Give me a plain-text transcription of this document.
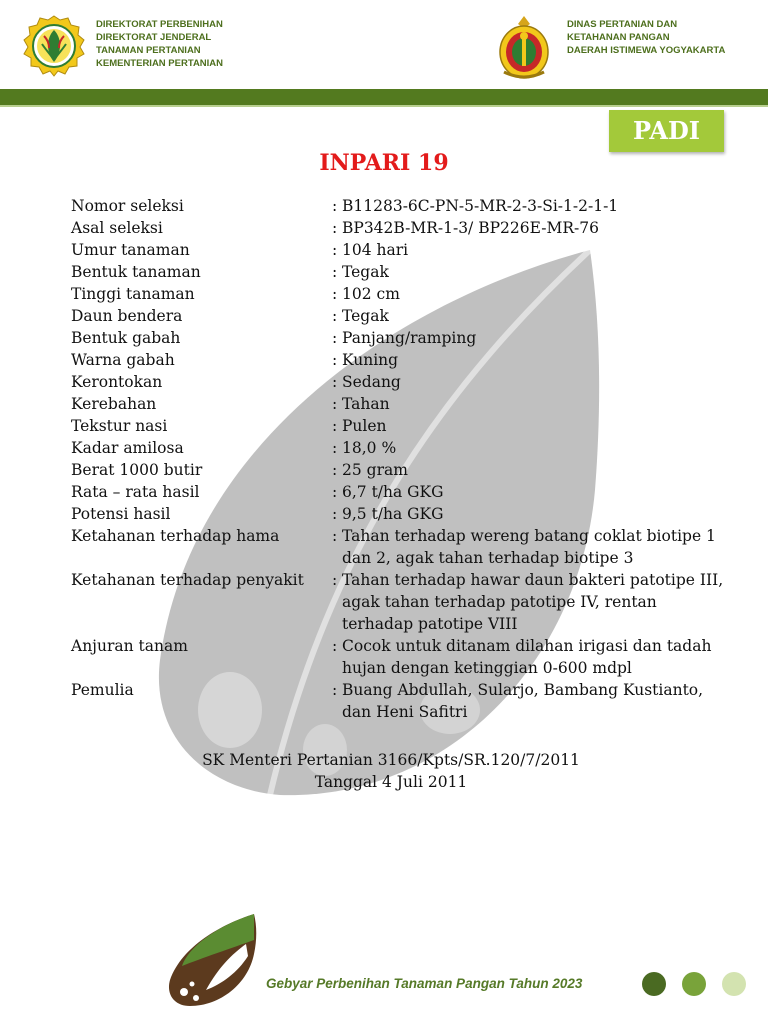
DIREKTORAT PERBENIHAN
DIREKTORAT JENDERAL
TANAMAN PERTANIAN
KEMENTERIAN PERTANIAN
DINAS PERTANIAN DAN
KETAHANAN PANGAN
DAERAH ISTIMEWA YOGYAKARTA
PADI
INPARI 19
Nomor seleksi	: B11283-6C-PN-5-MR-2-3-Si-1-2-1-1
Asal seleksi	: BP342B-MR-1-3/ BP226E-MR-76
Umur tanaman	: 104 hari
Bentuk tanaman	: Tegak
Tinggi tanaman	: 102 cm
Daun bendera	: Tegak
Bentuk gabah	: Panjang/ramping
Warna gabah	: Kuning
Kerontokan	: Sedang
Kerebahan	: Tahan
Tekstur nasi	: Pulen
Kadar amilosa	: 18,0 %
Berat 1000 butir	: 25 gram
Rata – rata hasil	: 6,7 t/ha GKG
Potensi hasil	: 9,5 t/ha GKG
Ketahanan terhadap hama	: Tahan terhadap wereng batang coklat biotipe 1 dan 2, agak tahan terhadap biotipe 3
Ketahanan terhadap penyakit : Tahan terhadap hawar daun bakteri patotipe III, agak tahan terhadap patotipe IV, rentan terhadap patotipe VIII
Anjuran tanam	: Cocok untuk ditanam dilahan irigasi dan tadah hujan dengan ketinggian 0-600 mdpl
Pemulia	: Buang Abdullah, Sularjo, Bambang Kustianto, dan Heni Safitri
SK Menteri Pertanian 3166/Kpts/SR.120/7/2011
Tanggal 4 Juli 2011
Gebyar Perbenihan Tanaman Pangan Tahun 2023
